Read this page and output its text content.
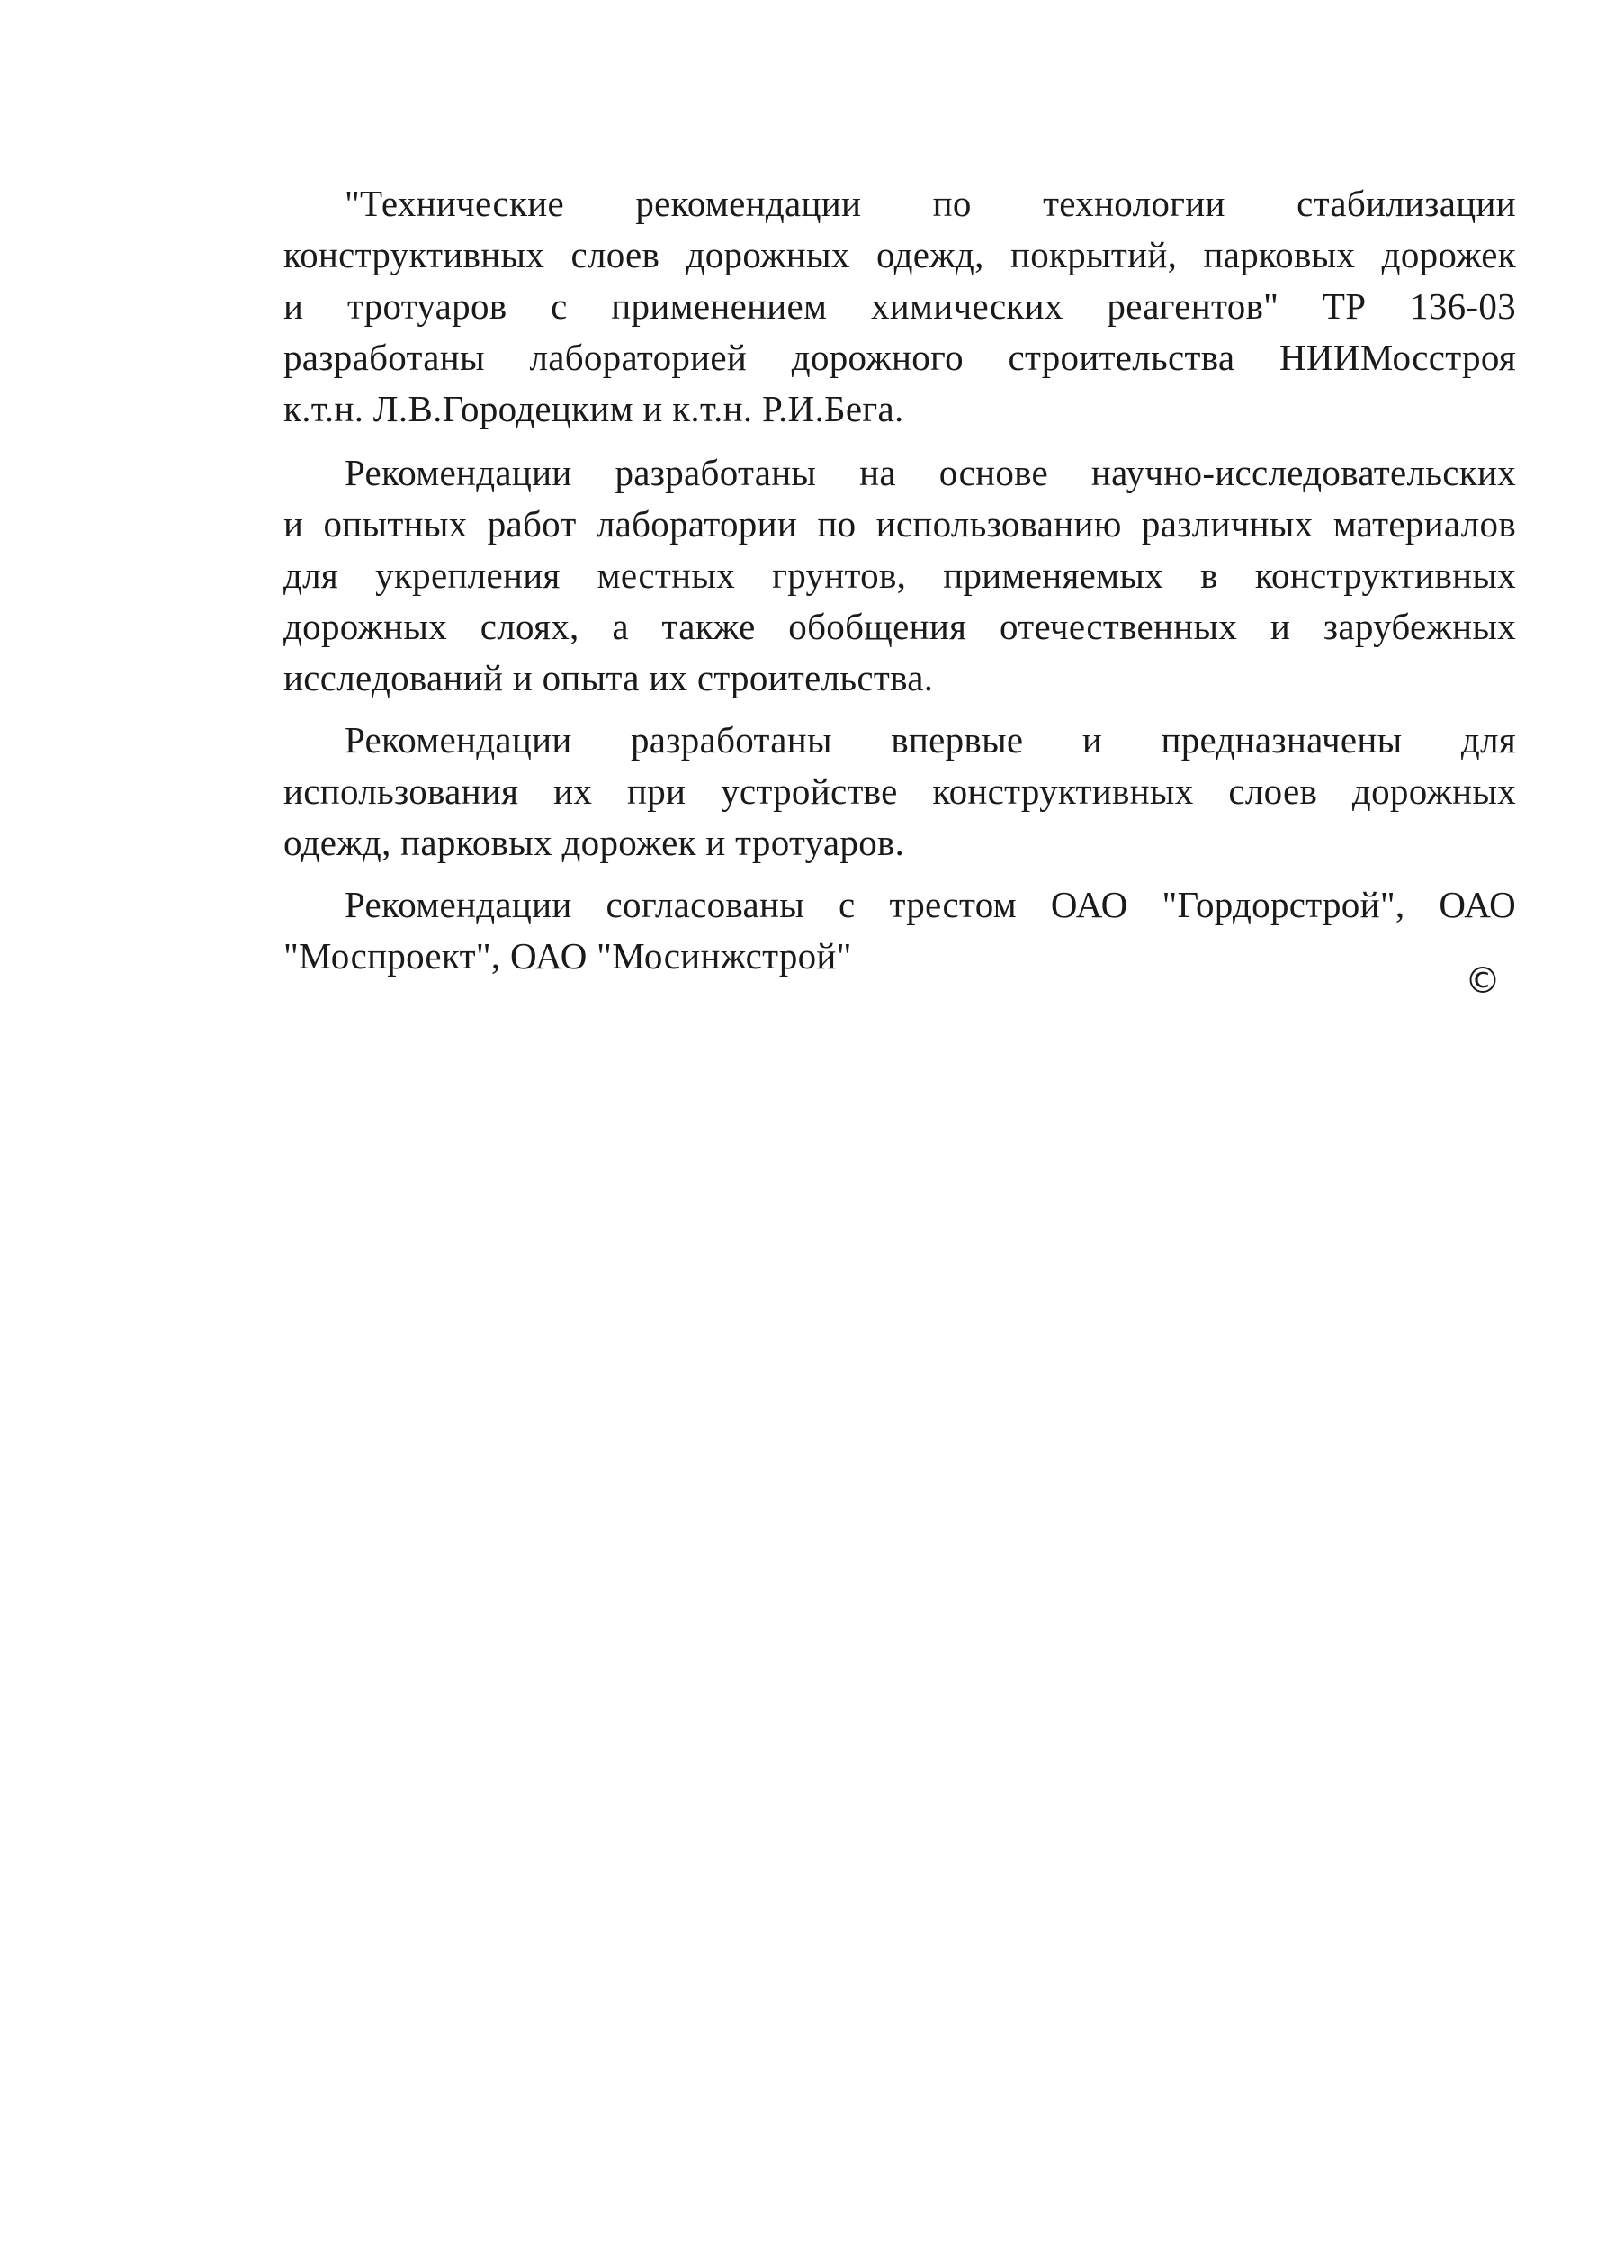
"Технические рекомендации по технологии стабилизации
конструктивных слоев дорожных одежд, покрытий, парковых дорожек
и тротуаров с применением химических реагентов" ТР 136-03
разработаны лабораторией дорожного строительства НИИМосстроя
к.т.н. Л.В.Городецким и к.т.н. Р.И.Бега.
Рекомендации разработаны на основе научно-исследовательских
и опытных работ лаборатории по использованию различных материалов
для укрепления местных грунтов, применяемых в конструктивных
дорожных слоях, а также обобщения отечественных и зарубежных
исследований и опыта их строительства.
Рекомендации разработаны впервые и предназначены для
использования их при устройстве конструктивных слоев дорожных
одежд, парковых дорожек и тротуаров.
Рекомендации согласованы с трестом ОАО "Гордорстрой", ОАО
"Моспроект", ОАО "Мосинжстрой"
©
